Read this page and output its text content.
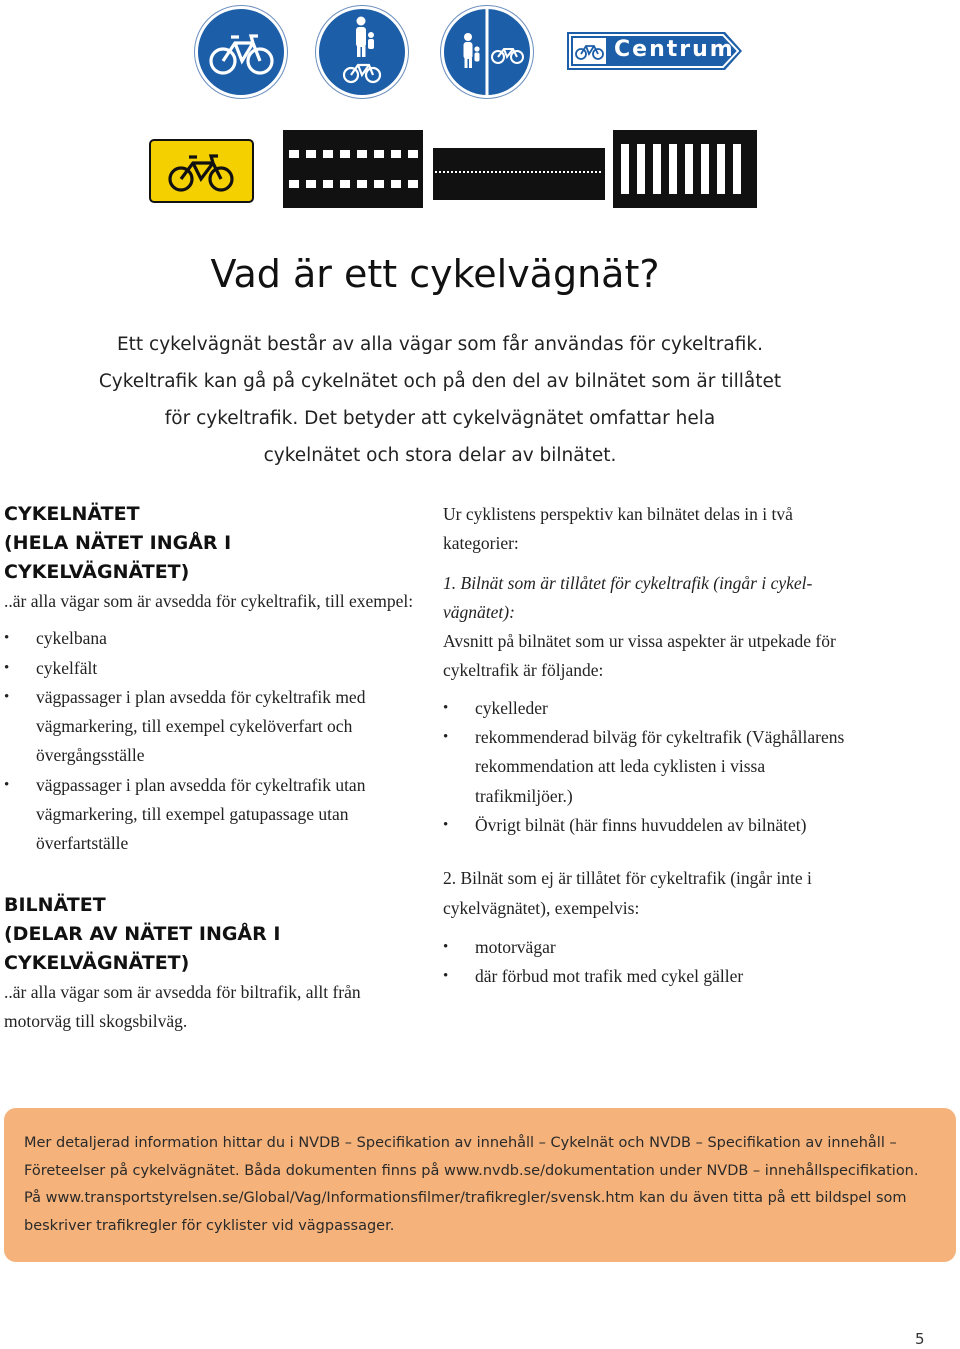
Centrum
Vad är ett cykelvägnät?
Ett cykelvägnät består av alla vägar som får användas för cykeltrafik.
Cykeltrafik kan gå på cykelnätet och på den del av bilnätet som är tillåtet
för cykeltrafik. Det betyder att cykelvägnätet omfattar hela
cykelnätet och stora delar av bilnätet.
CYKELNÄTET
(HELA NÄTET INGÅR I CYKELVÄGNÄTET)

..är alla vägar som är avsedda för cykeltrafik, till exempel:

• cykelbana
• cykelfält
• vägpassager i plan avsedda för cykeltrafik med vägmarkering, till exempel cykelöverfart och övergångsställe
• vägpassager i plan avsedda för cykeltrafik utan vägmarkering, till exempel gatupassage utan överfartställe
BILNÄTET
(DELAR AV NÄTET INGÅR I CYKELVÄGNÄTET)

..är alla vägar som är avsedda för biltrafik, allt från motorväg till skogsbilväg.

Ur cyklistens perspektiv kan bilnätet delas in i två kategorier:

1. Bilnät som är tillåtet för cykeltrafik (ingår i cykel-vägnätet):

Avsnitt på bilnätet som ur vissa aspekter är utpekade för cykeltrafik är följande:

• cykelleder
• rekommenderad bilväg för cykeltrafik (Väghållarens rekommendation att leda cyklisten i vissa trafikmiljöer.)
• Övrigt bilnät (här finns huvuddelen av bilnätet)

2. Bilnät som ej är tillåtet för cykeltrafik (ingår inte i cykelvägnätet), exempelvis:

• motorvägar
• där förbud mot trafik med cykel gäller
Mer detaljerad information hittar du i NVDB – Specifikation av innehåll – Cykelnät och NVDB – Specifikation av innehåll –
Företeelser på cykelvägnätet. Båda dokumenten finns på www.nvdb.se/dokumentation under NVDB – innehållspecifikation.
På www.transportstyrelsen.se/Global/Vag/Informationsfilmer/trafikregler/svensk.htm kan du även titta på ett bildspel som
beskriver trafikregler för cyklister vid vägpassager.
5
